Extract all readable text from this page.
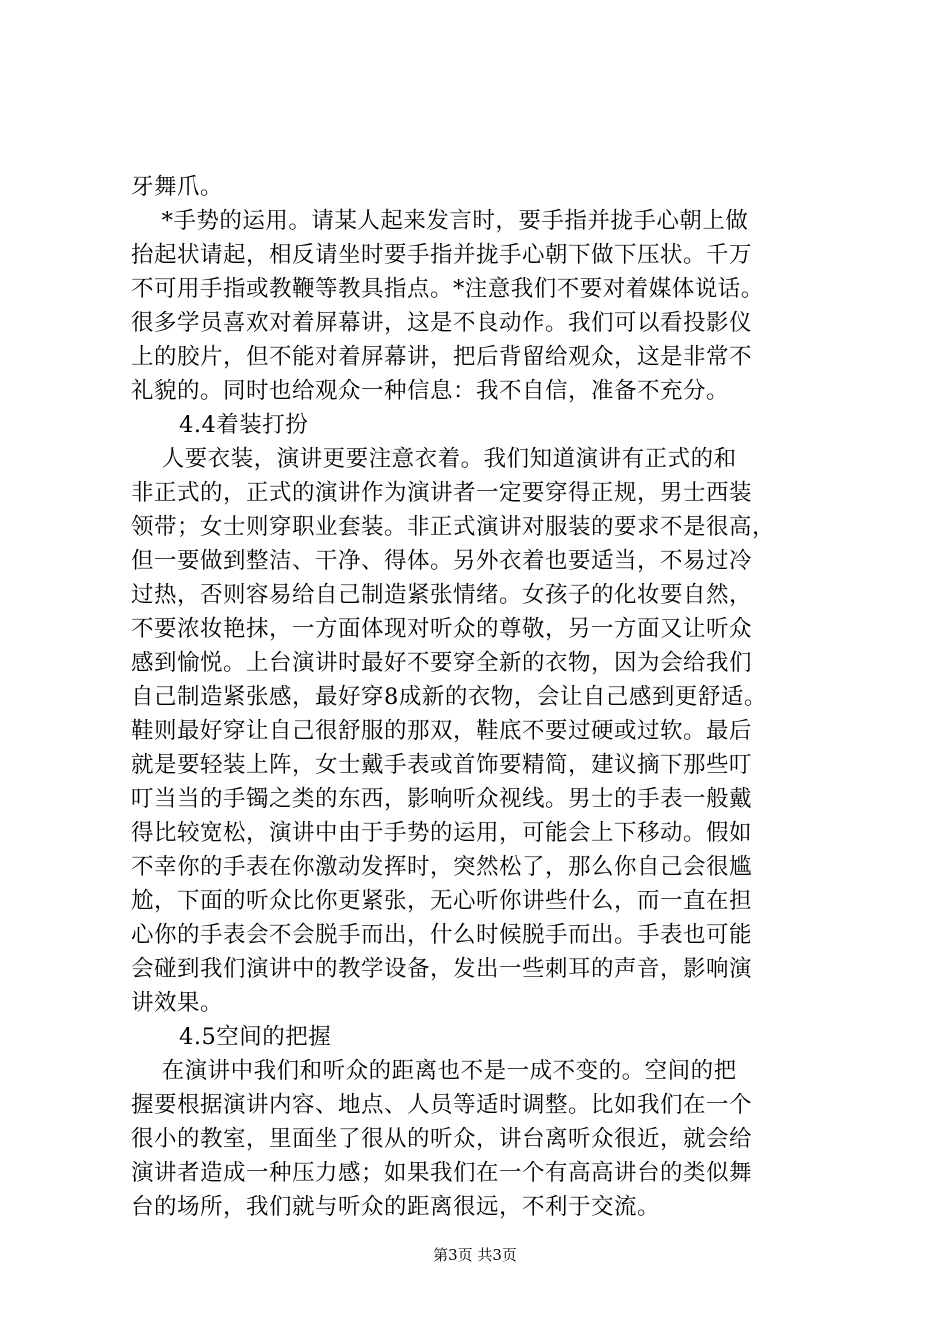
牙舞爪。
*手势的运用。请某人起来发言时，要手指并拢手心朝上做
抬起状请起，相反请坐时要手指并拢手心朝下做下压状。千万
不可用手指或教鞭等教具指点。*注意我们不要对着媒体说话。
很多学员喜欢对着屏幕讲，这是不良动作。我们可以看投影仪
上的胶片，但不能对着屏幕讲，把后背留给观众，这是非常不
礼貌的。同时也给观众一种信息：我不自信，准备不充分。
4.4着装打扮
人要衣装，演讲更要注意衣着。我们知道演讲有正式的和
非正式的，正式的演讲作为演讲者一定要穿得正规，男士西装
领带；女士则穿职业套装。非正式演讲对服装的要求不是很高，
但一要做到整洁、干净、得体。另外衣着也要适当，不易过冷
过热，否则容易给自己制造紧张情绪。女孩子的化妆要自然，
不要浓妆艳抹，一方面体现对听众的尊敬，另一方面又让听众
感到愉悦。上台演讲时最好不要穿全新的衣物，因为会给我们
自己制造紧张感，最好穿8成新的衣物，会让自己感到更舒适。
鞋则最好穿让自己很舒服的那双，鞋底不要过硬或过软。最后
就是要轻装上阵，女士戴手表或首饰要精简，建议摘下那些叮
叮当当的手镯之类的东西，影响听众视线。男士的手表一般戴
得比较宽松，演讲中由于手势的运用，可能会上下移动。假如
不幸你的手表在你激动发挥时，突然松了，那么你自己会很尴
尬，下面的听众比你更紧张，无心听你讲些什么，而一直在担
心你的手表会不会脱手而出，什么时候脱手而出。手表也可能
会碰到我们演讲中的教学设备，发出一些刺耳的声音，影响演
讲效果。
4.5空间的把握
在演讲中我们和听众的距离也不是一成不变的。空间的把
握要根据演讲内容、地点、人员等适时调整。比如我们在一个
很小的教室，里面坐了很从的听众，讲台离听众很近，就会给
演讲者造成一种压力感；如果我们在一个有高高讲台的类似舞
台的场所，我们就与听众的距离很远，不利于交流。
第3页 共3页
